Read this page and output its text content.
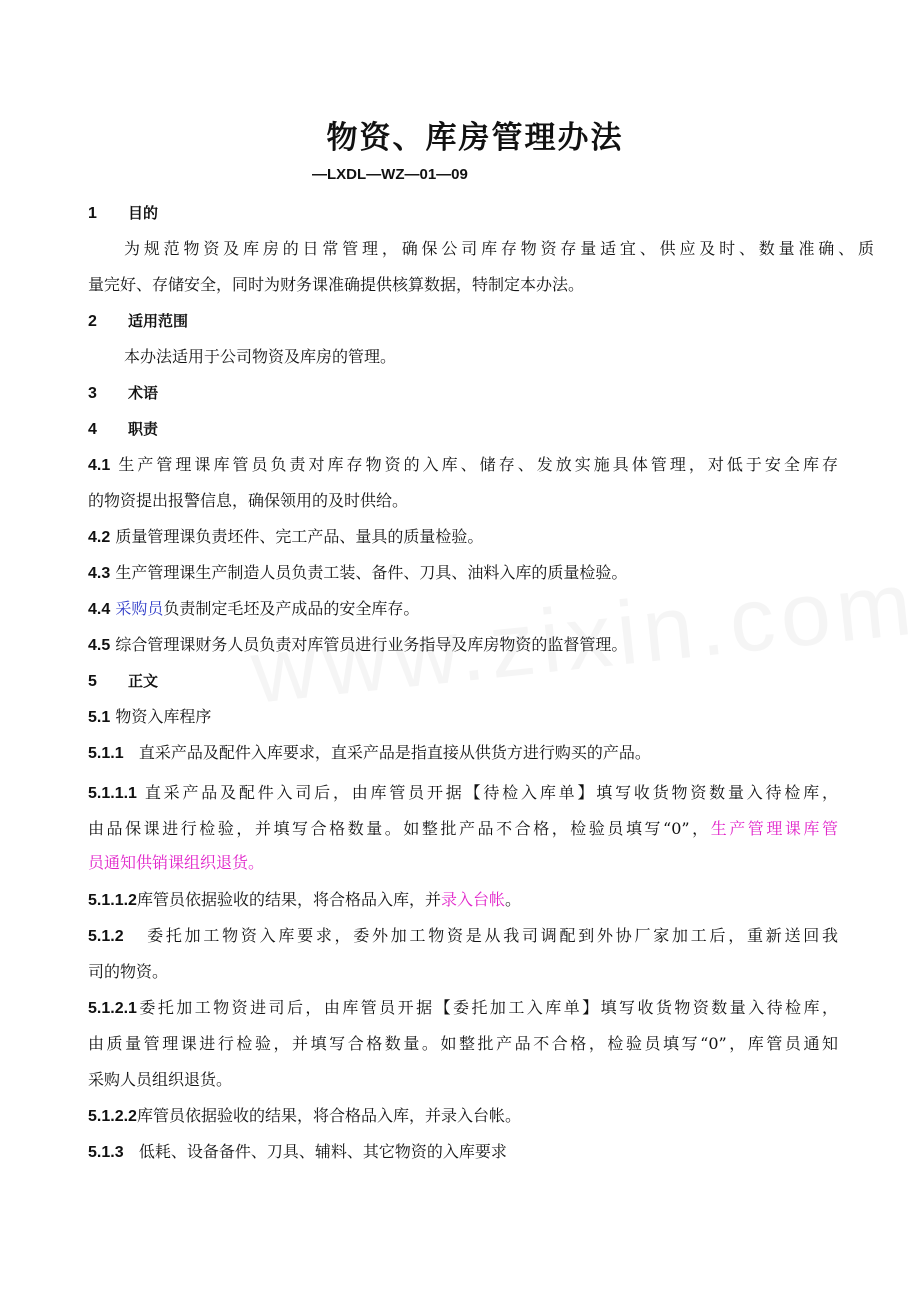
物资、库房管理办法
—LXDL—WZ—01—09
1 目的
为规范物资及库房的日常管理，确保公司库存物资存量适宜、供应及时、数量准确、质
量完好、存储安全，同时为财务课准确提供核算数据，特制定本办法。
2 适用范围
本办法适用于公司物资及库房的管理。
3 术语
4 职责
4.1 生产管理课库管员负责对库存物资的入库、储存、发放实施具体管理，对低于安全库存
的物资提出报警信息，确保领用的及时供给。
4.2 质量管理课负责坯件、完工产品、量具的质量检验。
4.3 生产管理课生产制造人员负责工装、备件、刀具、油料入库的质量检验。
4.4 采购员负责制定毛坯及产成品的安全库存。
4.5 综合管理课财务人员负责对库管员进行业务指导及库房物资的监督管理。
5 正文
5.1 物资入库程序
5.1.1 直采产品及配件入库要求，直采产品是指直接从供货方进行购买的产品。
5.1.1.1 直采产品及配件入司后，由库管员开据【待检入库单】填写收货物资数量入待检库，
由品保课进行检验，并填写合格数量。如整批产品不合格，检验员填写“0”，生产管理课库管
员通知供销课组织退货。
5.1.1.2库管员依据验收的结果，将合格品入库，并录入台帐。
5.1.2 委托加工物资入库要求，委外加工物资是从我司调配到外协厂家加工后，重新送回我
司的物资。
5.1.2.1委托加工物资进司后，由库管员开据【委托加工入库单】填写收货物资数量入待检库，
由质量管理课进行检验，并填写合格数量。如整批产品不合格，检验员填写“0”，库管员通知
采购人员组织退货。
5.1.2.2库管员依据验收的结果，将合格品入库，并录入台帐。
5.1.3 低耗、设备备件、刀具、辅料、其它物资的入库要求
